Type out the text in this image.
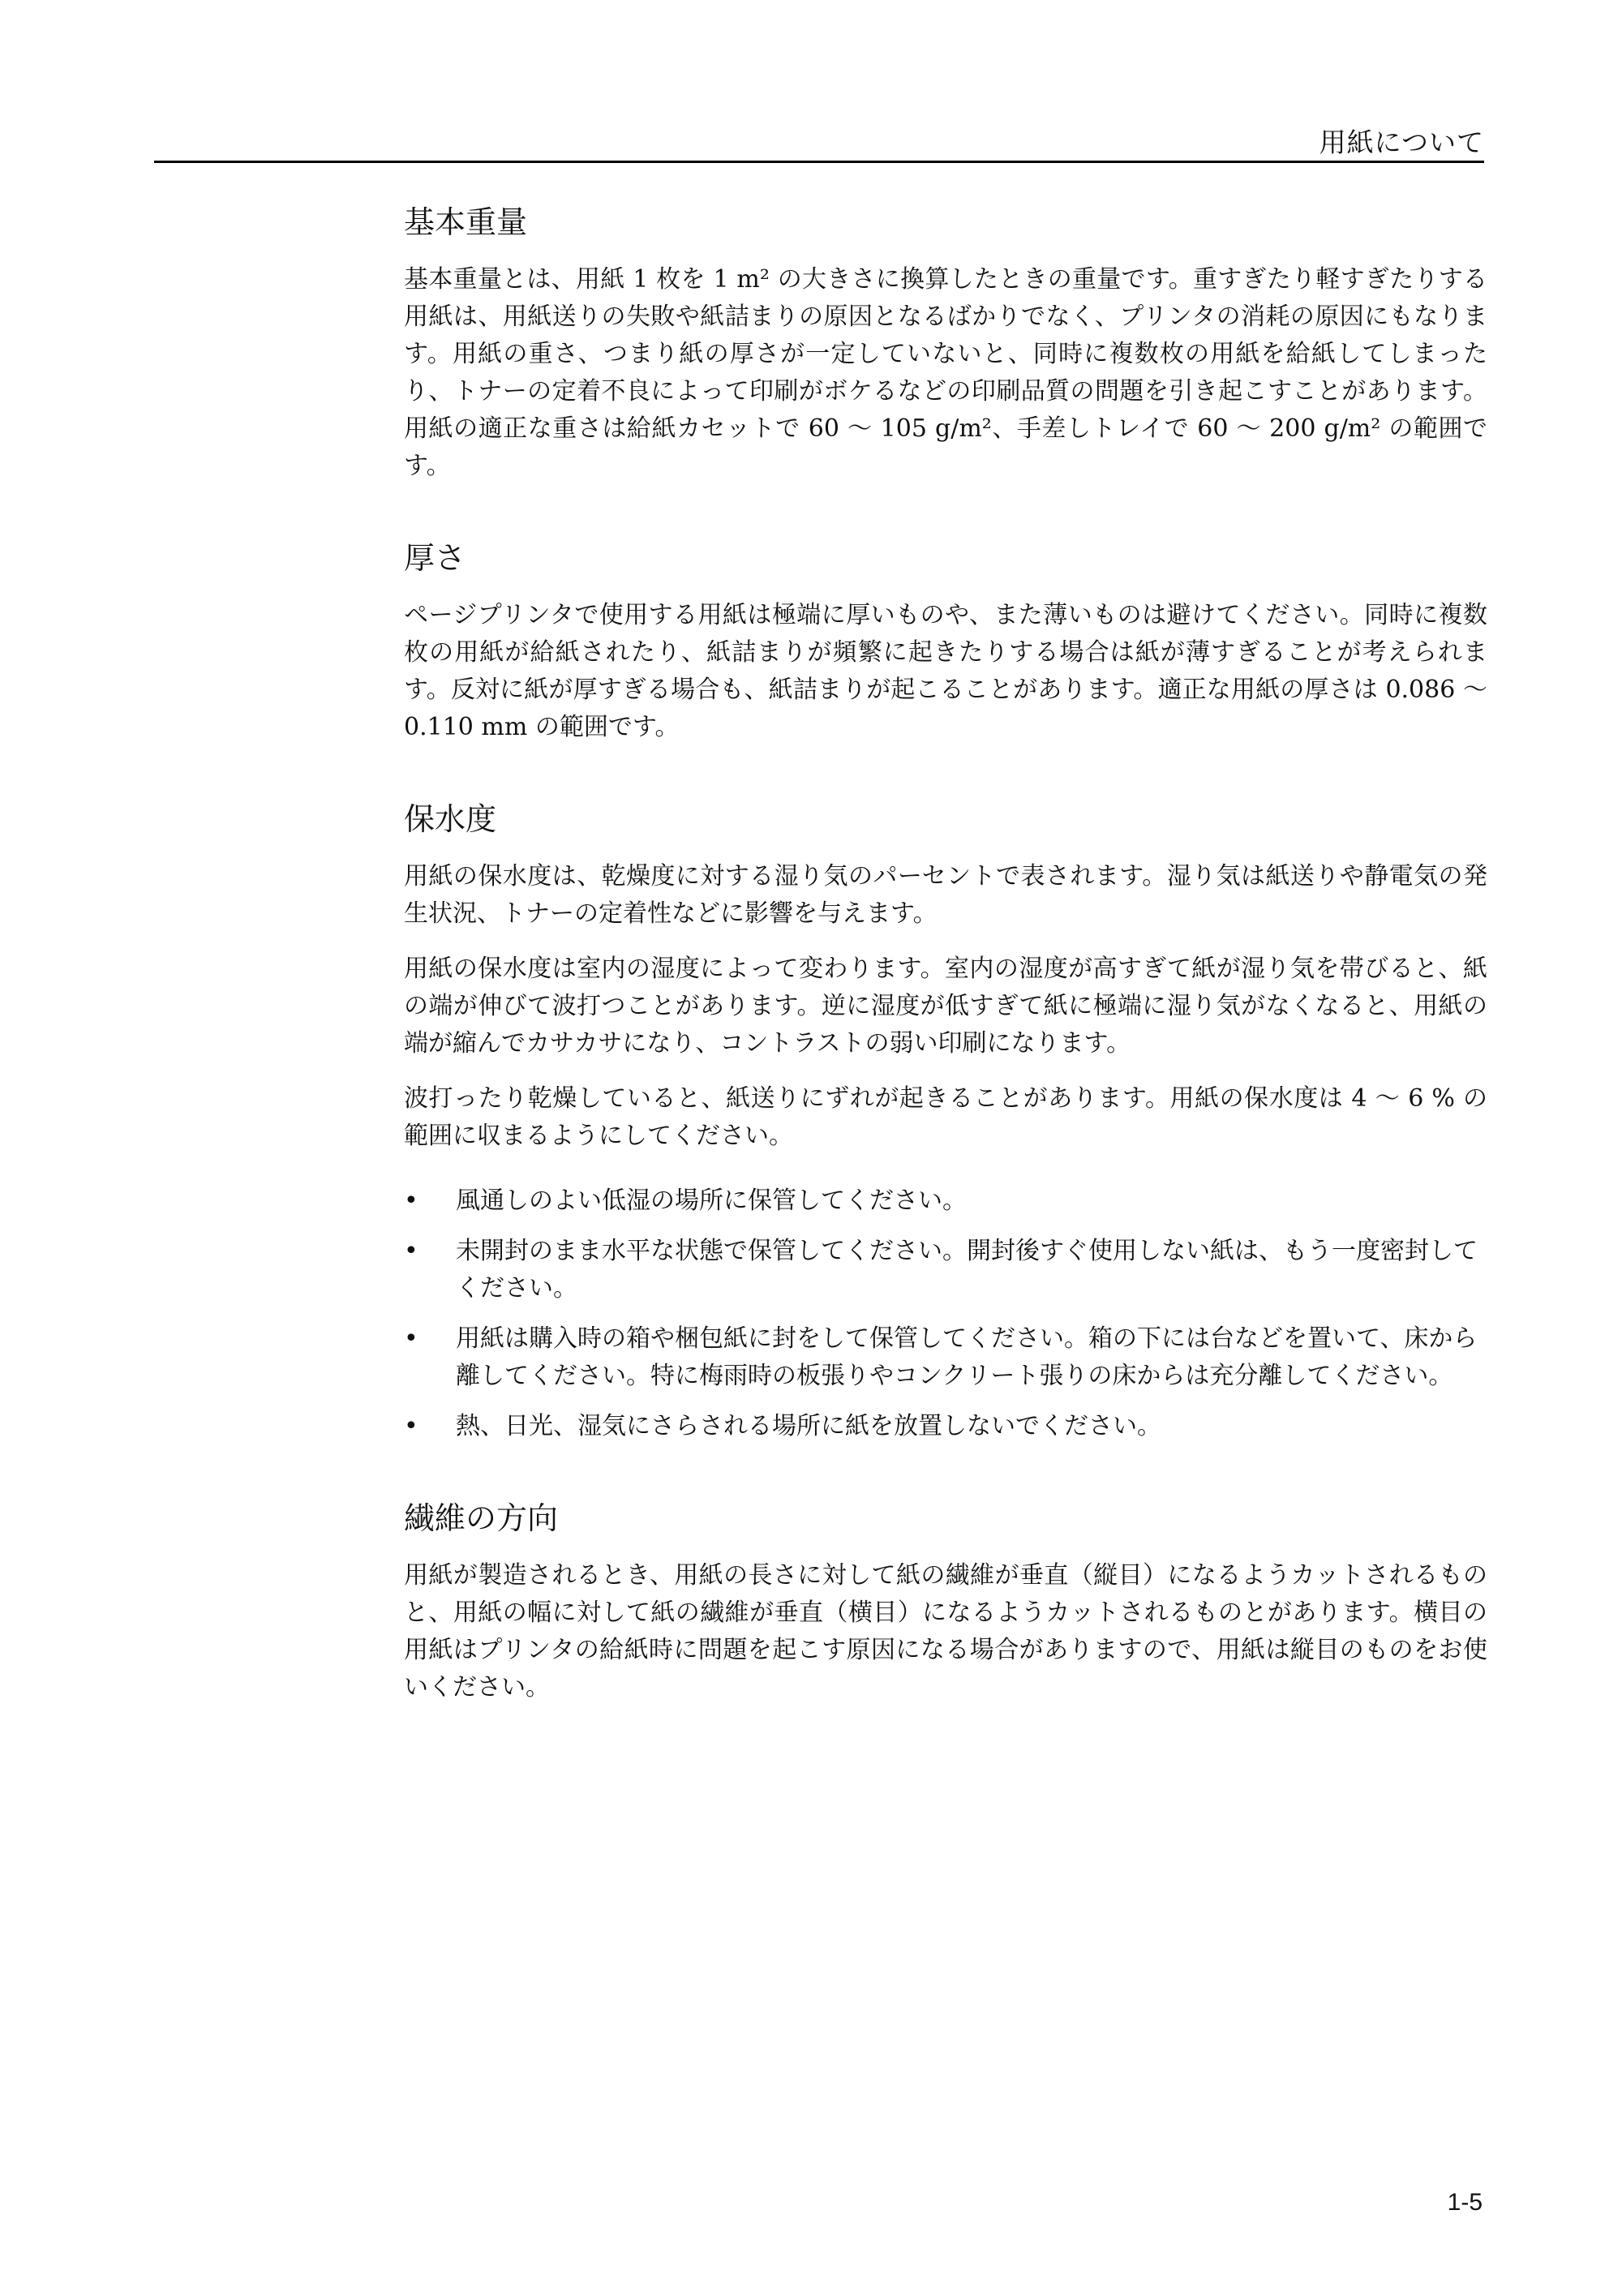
用紙について
基本重量

基本重量とは、用紙 1 枚を 1 m² の大きさに換算したときの重量です。重すぎたり軽すぎたりする用紙は、用紙送りの失敗や紙詰まりの原因となるばかりでなく、プリンタの消耗の原因にもなります。用紙の重さ、つまり紙の厚さが一定していないと、同時に複数枚の用紙を給紙してしまったり、トナーの定着不良によって印刷がボケるなどの印刷品質の問題を引き起こすことがあります。用紙の適正な重さは給紙カセットで 60 〜 105 g/m²、手差しトレイで 60 〜 200 g/m² の範囲です。

厚さ

ページプリンタで使用する用紙は極端に厚いものや、また薄いものは避けてください。同時に複数枚の用紙が給紙されたり、紙詰まりが頻繁に起きたりする場合は紙が薄すぎることが考えられます。反対に紙が厚すぎる場合も、紙詰まりが起こることがあります。適正な用紙の厚さは 0.086 〜 0.110 mm の範囲です。

保水度

用紙の保水度は、乾燥度に対する湿り気のパーセントで表されます。湿り気は紙送りや静電気の発生状況、トナーの定着性などに影響を与えます。

用紙の保水度は室内の湿度によって変わります。室内の湿度が高すぎて紙が湿り気を帯びると、紙の端が伸びて波打つことがあります。逆に湿度が低すぎて紙に極端に湿り気がなくなると、用紙の端が縮んでカサカサになり、コントラストの弱い印刷になります。

波打ったり乾燥していると、紙送りにずれが起きることがあります。用紙の保水度は 4 〜 6 % の範囲に収まるようにしてください。

• 風通しのよい低湿の場所に保管してください。
• 未開封のまま水平な状態で保管してください。開封後すぐ使用しない紙は、もう一度密封してください。
• 用紙は購入時の箱や梱包紙に封をして保管してください。箱の下には台などを置いて、床から離してください。特に梅雨時の板張りやコンクリート張りの床からは充分離してください。
• 熱、日光、湿気にさらされる場所に紙を放置しないでください。
繊維の方向

用紙が製造されるとき、用紙の長さに対して紙の繊維が垂直（縦目）になるようカットされるものと、用紙の幅に対して紙の繊維が垂直（横目）になるようカットされるものとがあります。横目の用紙はプリンタの給紙時に問題を起こす原因になる場合がありますので、用紙は縦目のものをお使いください。

1-5
